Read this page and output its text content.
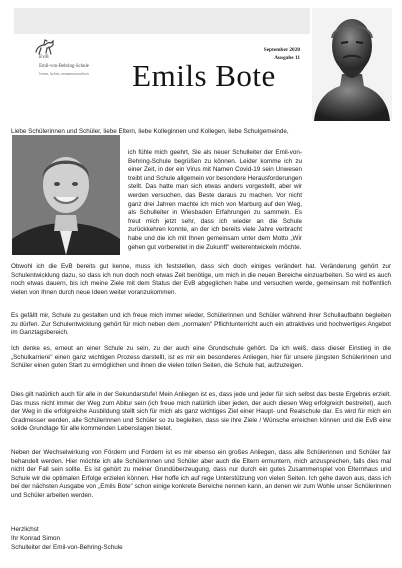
EvB
Emil-von-Behring-Schule
lernen, lachen, zusammenwachsen
September 2020
Ausgabe 11
Emils Bote

Liebe Schülerinnen und Schüler, liebe Eltern, liebe Kolleginnen und Kollegen, liebe Schulgemeinde,

ich fühle mich geehrt, Sie als neuer Schulleiter der Emil-von-Behring-Schule begrüßen zu können. Leider komme ich zu einer Zeit, in der ein Virus mit Namen Covid-19 sein Unwesen treibt und Schule allgemein vor besondere Herausforderungen stellt. Das hatte man sich etwas anders vorgestellt, aber wir werden versuchen, das Beste daraus zu machen. Vor nicht ganz drei Jahren machte ich mich von Marburg auf den Weg, als Schulleiter in Wiesbaden Erfahrungen zu sammeln. Es freut mich jetzt sehr, dass ich wieder an die Schule zurückkehren konnte, an der ich bereits viele Jahre verbracht habe und die ich mit Ihnen gemeinsam unter dem Motto „Wir gehen gut vorbereitet in die Zukunft" weiterentwickeln möchte.

Obwohl ich die EvB bereits gut kenne, muss ich feststellen, dass sich doch einiges verändert hat. Veränderung gehört zur Schulentwicklung dazu, so dass ich nun doch noch etwas Zeit benötige, um mich in die neuen Bereiche einzuarbeiten. So wird es auch noch etwas dauern, bis ich meine Ziele mit dem Status der EvB abgeglichen habe und versuchen werde, gemeinsam mit hoffentlich vielen von Ihnen durch neue Ideen weiter voranzukommen.

Es gefällt mir, Schule zu gestalten und ich freue mich immer wieder, Schülerinnen und Schüler während ihrer Schullaufbahn begleiten zu dürfen. Zur Schulentwicklung gehört für mich neben dem „normalen" Pflichtunterricht auch ein attraktives und hochwertiges Angebot im Ganztagsbereich.

Ich denke es, erneut an einer Schule zu sein, zu der auch eine Grundschule gehört. Da ich weiß, dass dieser Einstieg in die „Schulkarriere" einen ganz wichtigen Prozess darstellt, ist es mir ein besonderes Anliegen, hier für unsere jüngsten Schülerinnen und Schüler einen guten Start zu ermöglichen und ihnen die vielen tollen Seiten, die Schule hat, aufzuzeigen.

Dies gilt natürlich auch für alle in der Sekundarstufe! Mein Anliegen ist es, dass jede und jeder für sich selbst das beste Ergebnis erzielt. Das muss nicht immer der Weg zum Abitur sein (ich freue mich natürlich über jeden, der auch diesen Weg erfolgreich bestreitet), auch der Weg in die erfolgreiche Ausbildung stellt sich für mich als ganz wichtiges Ziel einer Haupt- und Realschule dar. Es wird für mich ein Gradmesser werden, alle Schülerinnen und Schüler so zu begleiten, dass sie ihre Ziele / Wünsche erreichen können und die EvB eine solide Grundlage für alle kommenden Lebenslagen bietet.

Neben der Wechselwirkung von Fördern und Fordern ist es mir ebenso ein großes Anliegen, dass alle Schülerinnen und Schüler fair behandelt werden. Hier möchte ich alle Schülerinnen und Schüler aber auch die Eltern ermuntern, mich anzusprechen, falls dies mal nicht der Fall sein sollte. Es ist gehört zu meiner Grundüberzeugung, dass nur durch ein gutes Zusammenspiel von Elternhaus und Schule wir die optimalen Erfolge erzielen können. Hier hoffe ich auf rege Unterstützung von vielen Seiten. Ich gehe davon aus, dass ich bei der nächsten Ausgabe von „Emils Bote" schon einige konkrete Bereiche nennen kann, an denen wir zum Wohle unser Schülerinnen und Schüler arbeiten werden.

Herzlichst

Ihr Konrad Simon

Schulleiter der Emil-von-Behring-Schule
